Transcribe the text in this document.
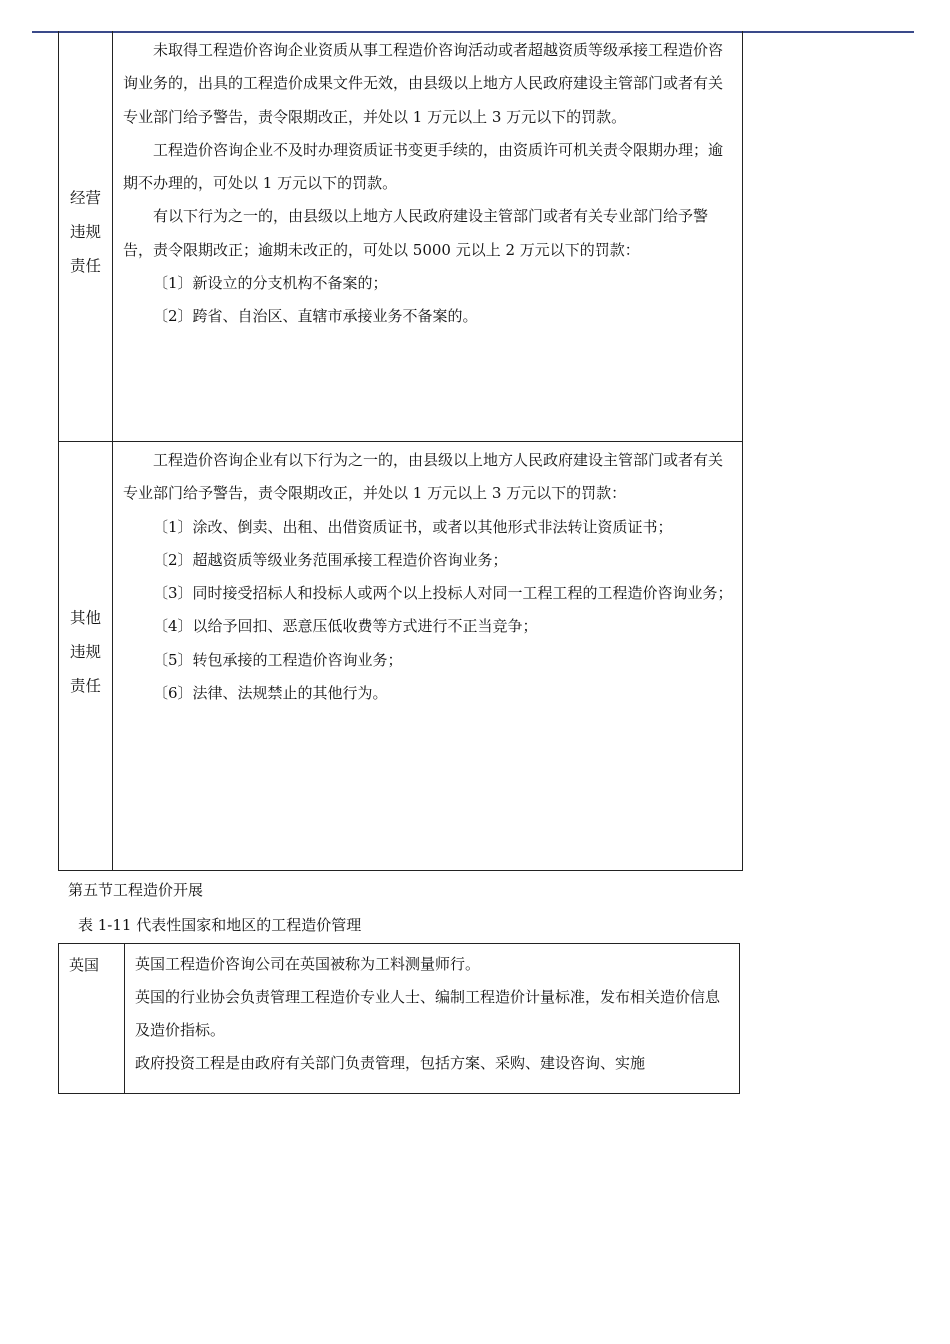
经营
违规
责任

未取得工程造价咨询企业资质从事工程造价咨询活动或者超越资质等级承接工程造价咨询业务的，出具的工程造价成果文件无效，由县级以上地方人民政府建设主管部门或者有关专业部门给予警告，责令限期改正，并处以 1 万元以上 3 万元以下的罚款。

工程造价咨询企业不及时办理资质证书变更手续的，由资质许可机关责令限期办理；逾期不办理的，可处以 1 万元以下的罚款。

有以下行为之一的，由县级以上地方人民政府建设主管部门或者有关专业部门给予警告，责令限期改正；逾期未改正的，可处以 5000 元以上 2 万元以下的罚款：

〔1〕新设立的分支机构不备案的；

〔2〕跨省、自治区、直辖市承接业务不备案的。

其他
违规
责任

工程造价咨询企业有以下行为之一的，由县级以上地方人民政府建设主管部门或者有关专业部门给予警告，责令限期改正，并处以 1 万元以上 3 万元以下的罚款：

〔1〕涂改、倒卖、出租、出借资质证书，或者以其他形式非法转让资质证书；

〔2〕超越资质等级业务范围承接工程造价咨询业务；

〔3〕同时接受招标人和投标人或两个以上投标人对同一工程工程的工程造价咨询业务；

〔4〕以给予回扣、恶意压低收费等方式进行不正当竞争；

〔5〕转包承接的工程造价咨询业务；

〔6〕法律、法规禁止的其他行为。

第五节工程造价开展
表 1-11 代表性国家和地区的工程造价管理
英国 英国工程造价咨询公司在英国被称为工料测量师行。

英国的行业协会负责管理工程造价专业人士、编制工程造价计量标准，发布相关造价信息及造价指标。

政府投资工程是由政府有关部门负责管理，包括方案、采购、建设咨询、实施
